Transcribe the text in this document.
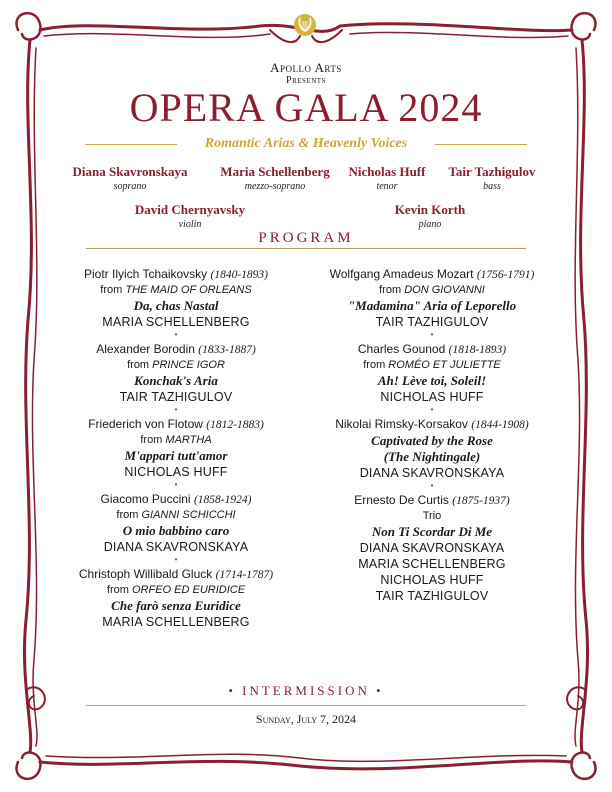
Apollo Arts
Presents
OPERA GALA 2024
Romantic Arias & Heavenly Voices
Diana Skavronskaya
soprano
Maria Schellenberg
mezzo-soprano
Nicholas Huff
tenor
Tair Tazhigulov
bass
David Chernyavsky
violin
Kevin Korth
piano
PROGRAM
Piotr Ilyich Tchaikovsky (1840-1893)
from THE MAID OF ORLEANS
Da, chas Nastal
MARIA SCHELLENBERG
•
Alexander Borodin (1833-1887)
from PRINCE IGOR
Konchak's Aria
TAIR TAZHIGULOV
•
Friederich von Flotow (1812-1883)
from MARTHA
M'appari tutt'amor
NICHOLAS HUFF
•
Giacomo Puccini (1858-1924)
from GIANNI SCHICCHI
O mio babbino caro
DIANA SKAVRONSKAYA
•
Christoph Willibald Gluck (1714-1787)
from ORFEO ED EURIDICE
Che farò senza Euridice
MARIA SCHELLENBERG
Wolfgang Amadeus Mozart (1756-1791)
from DON GIOVANNI
"Madamina" Aria of Leporello
TAIR TAZHIGULOV
•
Charles Gounod (1818-1893)
from ROMÉO ET JULIETTE
Ah! Lève toi, Soleil!
NICHOLAS HUFF
•
Nikolai Rimsky-Korsakov (1844-1908)
Captivated by the Rose
(The Nightingale)
DIANA SKAVRONSKAYA
•
Ernesto De Curtis (1875-1937)
Trio
Non Ti Scordar Di Me
DIANA SKAVRONSKAYA
MARIA SCHELLENBERG
NICHOLAS HUFF
TAIR TAZHIGULOV
• INTERMISSION •
Sunday, July 7, 2024
